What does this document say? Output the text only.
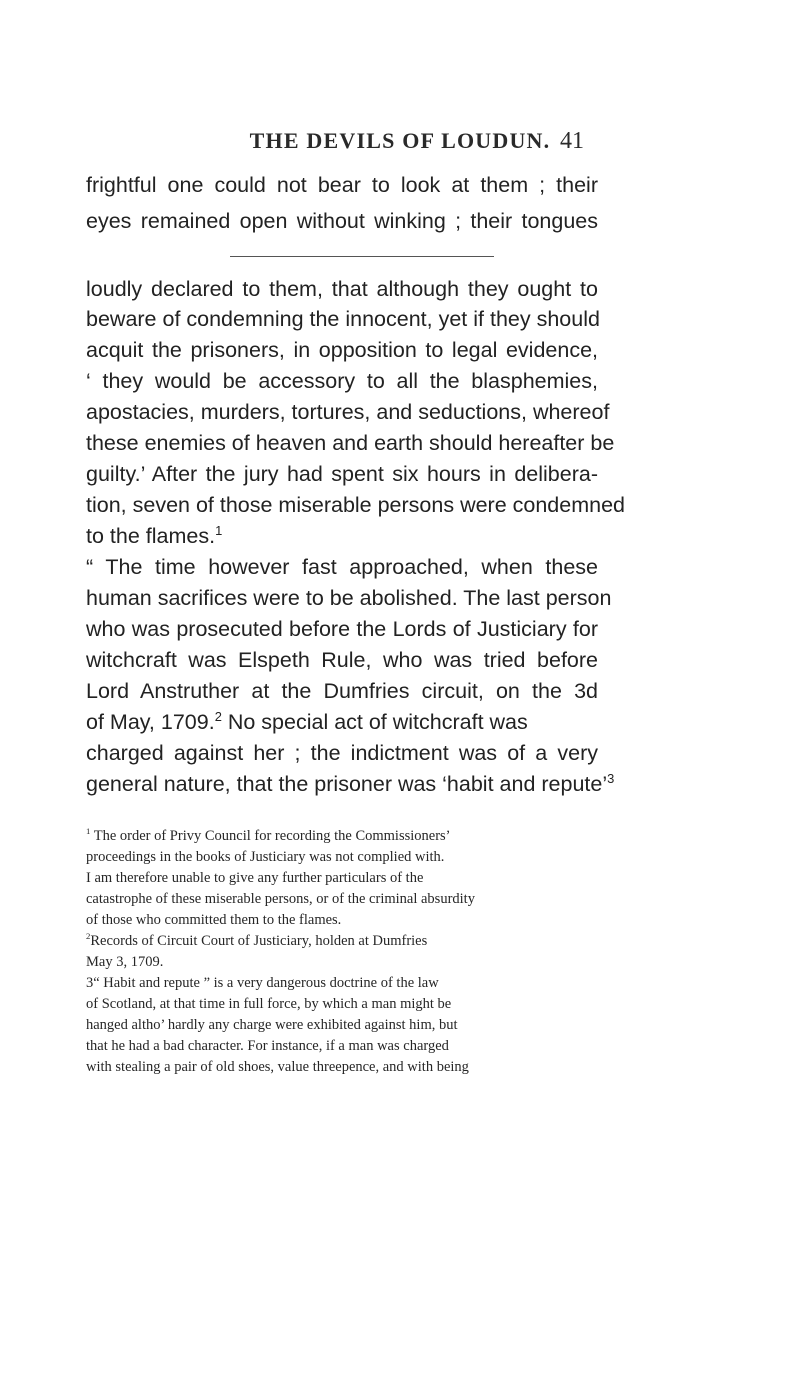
THE DEVILS OF LOUDUN. 41
frightful one could not bear to look at them ; their
eyes remained open without winking ; their tongues
loudly declared to them, that although they ought to
beware of condemning the innocent, yet if they should
acquit the prisoners, in opposition to legal evidence,
‘ they would be accessory to all the blasphemies,
apostacies, murders, tortures, and seductions, whereof
these enemies of heaven and earth should hereafter be
guilty.’ After the jury had spent six hours in delibera-
tion, seven of those miserable persons were condemned
to the flames.$^1$
“ The time however fast approached, when these
human sacrifices were to be abolished. The last person
who was prosecuted before the Lords of Justiciary for
witchcraft was Elspeth Rule, who was tried before
Lord Anstruther at the Dumfries circuit, on the 3d
of May, 1709.$^2$ No special act of witchcraft was
charged against her ; the indictment was of a very
general nature, that the prisoner was ‘habit and repute’$^3$
$^1$ The order of Privy Council for recording the Commissioners’
proceedings in the books of Justiciary was not complied with.
I am therefore unable to give any further particulars of the
catastrophe of these miserable persons, or of the criminal absurdity
of those who committed them to the flames.
$^2$Records of Circuit Court of Justiciary, holden at Dumfries
May 3, 1709.
3“ Habit and repute ” is a very dangerous doctrine of the law
of Scotland, at that time in full force, by which a man might be
hanged altho’ hardly any charge were exhibited against him, but
that he had a bad character. For instance, if a man was charged
with stealing a pair of old shoes, value threepence, and with being
